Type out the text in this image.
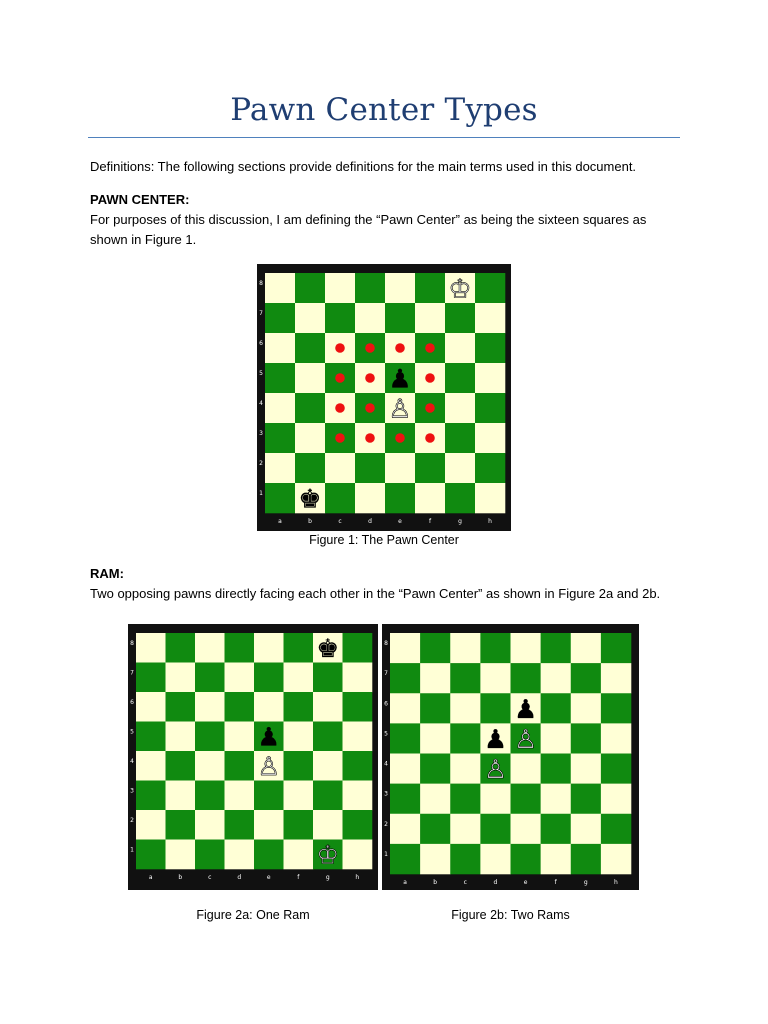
Pawn Center Types
Definitions: The following sections provide definitions for the main terms used in this document.
PAWN CENTER:
For purposes of this discussion, I am defining the “Pawn Center” as being the sixteen squares as shown in Figure 1.
8
7
6
5
4
3
2
1
a	b	c	d	e	f	g	h
♔
♚
♟
♙
Figure 1: The Pawn Center
RAM:
Two opposing pawns directly facing each other in the “Pawn Center” as shown in Figure 2a and 2b.
8
7
6
5
4
3
2
1
a	b	c	d	e	f	g	h
♚
♟
♙
♔
8
7
6
5
4
3
2
1
a	b	c	d	e	f	g	h
♟
♟ ♙
♙
Figure 2a: One Ram	Figure 2b: Two Rams
